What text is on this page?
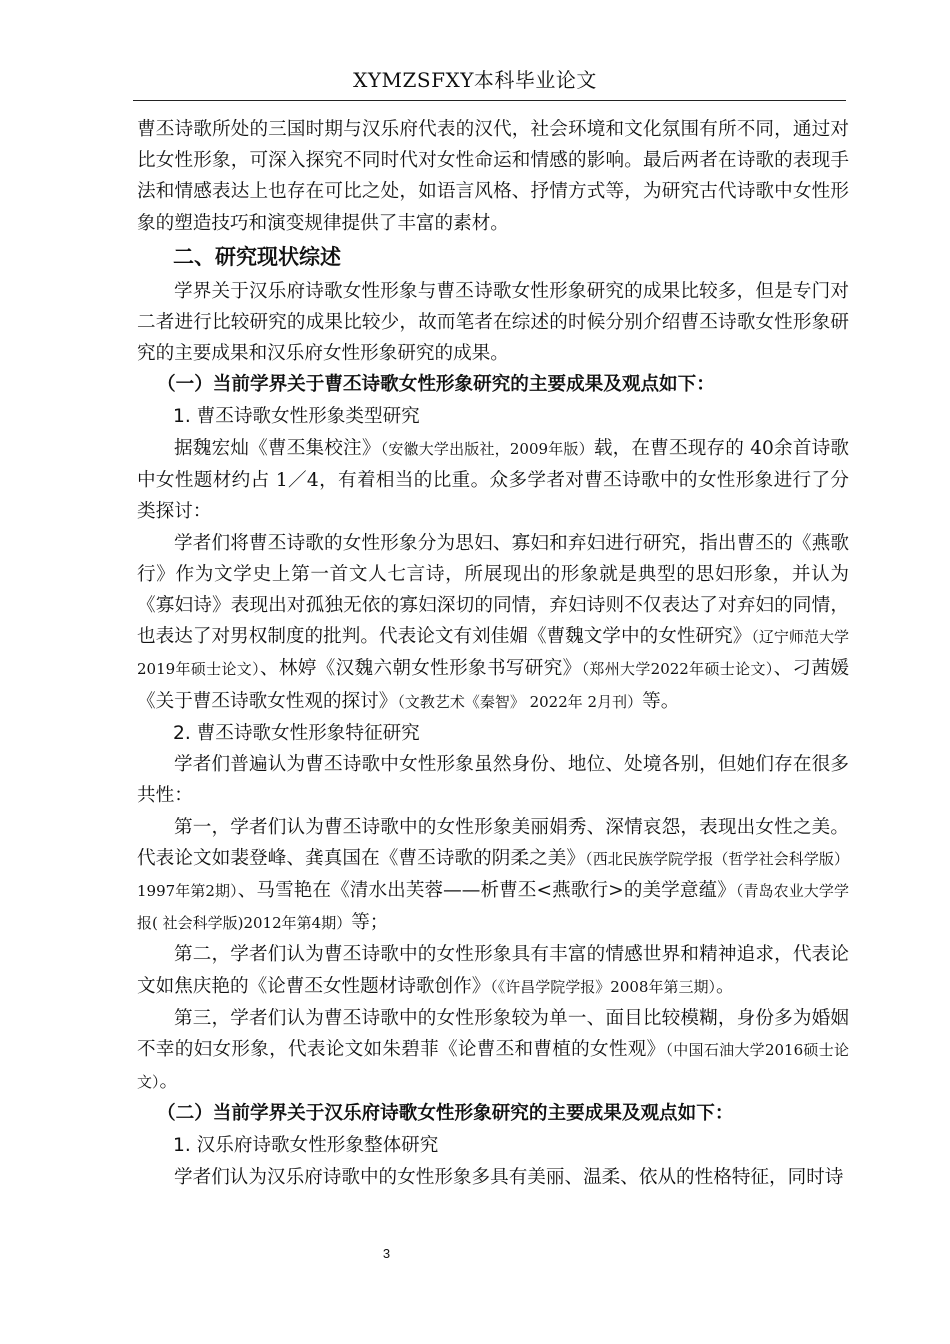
XYMZSFXY本科毕业论文

曹丕诗歌所处的三国时期与汉乐府代表的汉代，社会环境和文化氛围有所不同，通过对比女性形象，可深入探究不同时代对女性命运和情感的影响。最后两者在诗歌的表现手法和情感表达上也存在可比之处，如语言风格、抒情方式等，为研究古代诗歌中女性形象的塑造技巧和演变规律提供了丰富的素材。

二、研究现状综述

学界关于汉乐府诗歌女性形象与曹丕诗歌女性形象研究的成果比较多，但是专门对二者进行比较研究的成果比较少，故而笔者在综述的时候分别介绍曹丕诗歌女性形象研究的主要成果和汉乐府女性形象研究的成果。

（一）当前学界关于曹丕诗歌女性形象研究的主要成果及观点如下：

1. 曹丕诗歌女性形象类型研究

据魏宏灿《曹丕集校注》（安徽大学出版社，2009年版）载，在曹丕现存的 40余首诗歌中女性题材约占 1／4，有着相当的比重。众多学者对曹丕诗歌中的女性形象进行了分类探讨：

学者们将曹丕诗歌的女性形象分为思妇、寡妇和弃妇进行研究，指出曹丕的《燕歌行》作为文学史上第一首文人七言诗，所展现出的形象就是典型的思妇形象，并认为《寡妇诗》表现出对孤独无依的寡妇深切的同情，弃妇诗则不仅表达了对弃妇的同情，也表达了对男权制度的批判。代表论文有刘佳媚《曹魏文学中的女性研究》（辽宁师范大学2019年硕士论文）、林婷《汉魏六朝女性形象书写研究》（郑州大学2022年硕士论文）、刁茜媛《关于曹丕诗歌女性观的探讨》（文教艺术《秦智》 2022年 2月刊）等。

2. 曹丕诗歌女性形象特征研究

学者们普遍认为曹丕诗歌中女性形象虽然身份、地位、处境各别，但她们存在很多共性：

第一，学者们认为曹丕诗歌中的女性形象美丽娟秀、深情哀怨，表现出女性之美。代表论文如裴登峰、龚真国在《曹丕诗歌的阴柔之美》（西北民族学院学报（哲学社会科学版） 1997年第2期）、马雪艳在《清水出芙蓉——析曹丕<燕歌行>的美学意蕴》（青岛农业大学学报( 社会科学版)2012年第4期）等；

第二，学者们认为曹丕诗歌中的女性形象具有丰富的情感世界和精神追求，代表论文如焦庆艳的《论曹丕女性题材诗歌创作》（《许昌学院学报》2008年第三期）。

第三，学者们认为曹丕诗歌中的女性形象较为单一、面目比较模糊，身份多为婚姻不幸的妇女形象，代表论文如朱碧菲《论曹丕和曹植的女性观》（中国石油大学2016硕士论文）。

（二）当前学界关于汉乐府诗歌女性形象研究的主要成果及观点如下：

1. 汉乐府诗歌女性形象整体研究

学者们认为汉乐府诗歌中的女性形象多具有美丽、温柔、依从的性格特征，同时诗

3
